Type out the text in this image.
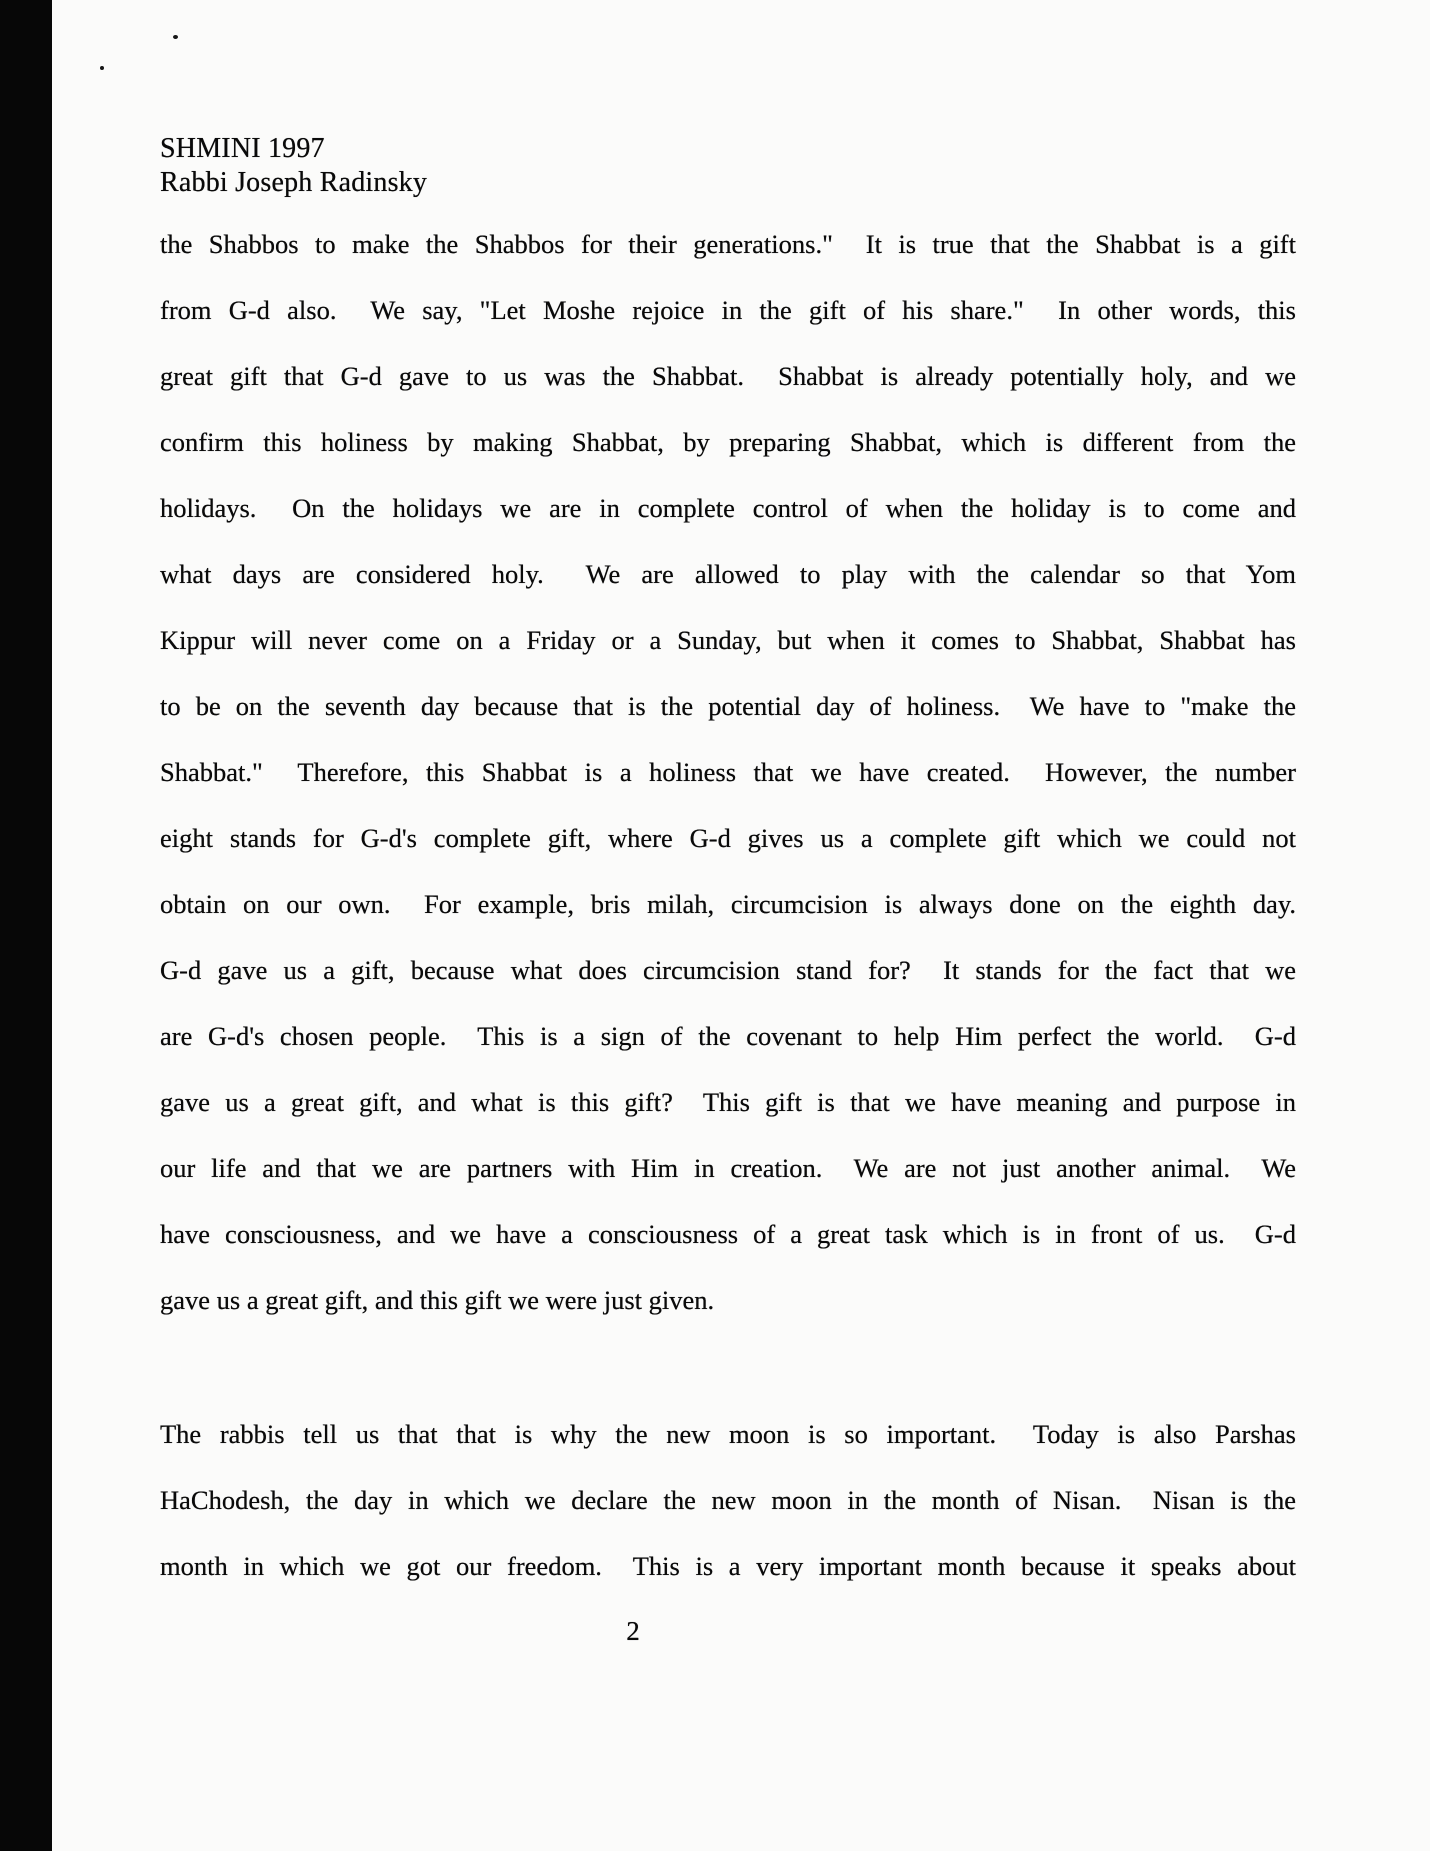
SHMINI 1997
Rabbi Joseph Radinsky
the Shabbos to make the Shabbos for their generations."  It is true that the Shabbat is a gift
from G-d also.  We say, "Let Moshe rejoice in the gift of his share."  In other words, this
great gift that G-d gave to us was the Shabbat.  Shabbat is already potentially holy, and we
confirm this holiness by making Shabbat, by preparing Shabbat, which is different from the
holidays.  On the holidays we are in complete control of when the holiday is to come and
what days are considered holy.  We are allowed to play with the calendar so that Yom
Kippur will never come on a Friday or a Sunday, but when it comes to Shabbat, Shabbat has
to be on the seventh day because that is the potential day of holiness.  We have to "make the
Shabbat."  Therefore, this Shabbat is a holiness that we have created.  However, the number
eight stands for G-d's complete gift, where G-d gives us a complete gift which we could not
obtain on our own.  For example, bris milah, circumcision is always done on the eighth day.
G-d gave us a gift, because what does circumcision stand for?  It stands for the fact that we
are G-d's chosen people.  This is a sign of the covenant to help Him perfect the world.  G-d
gave us a great gift, and what is this gift?  This gift is that we have meaning and purpose in
our life and that we are partners with Him in creation.  We are not just another animal.  We
have consciousness, and we have a consciousness of a great task which is in front of us.  G-d
gave us a great gift, and this gift we were just given.
The rabbis tell us that that is why the new moon is so important.  Today is also Parshas
HaChodesh, the day in which we declare the new moon in the month of Nisan.  Nisan is the
month in which we got our freedom.  This is a very important month because it speaks about
2
